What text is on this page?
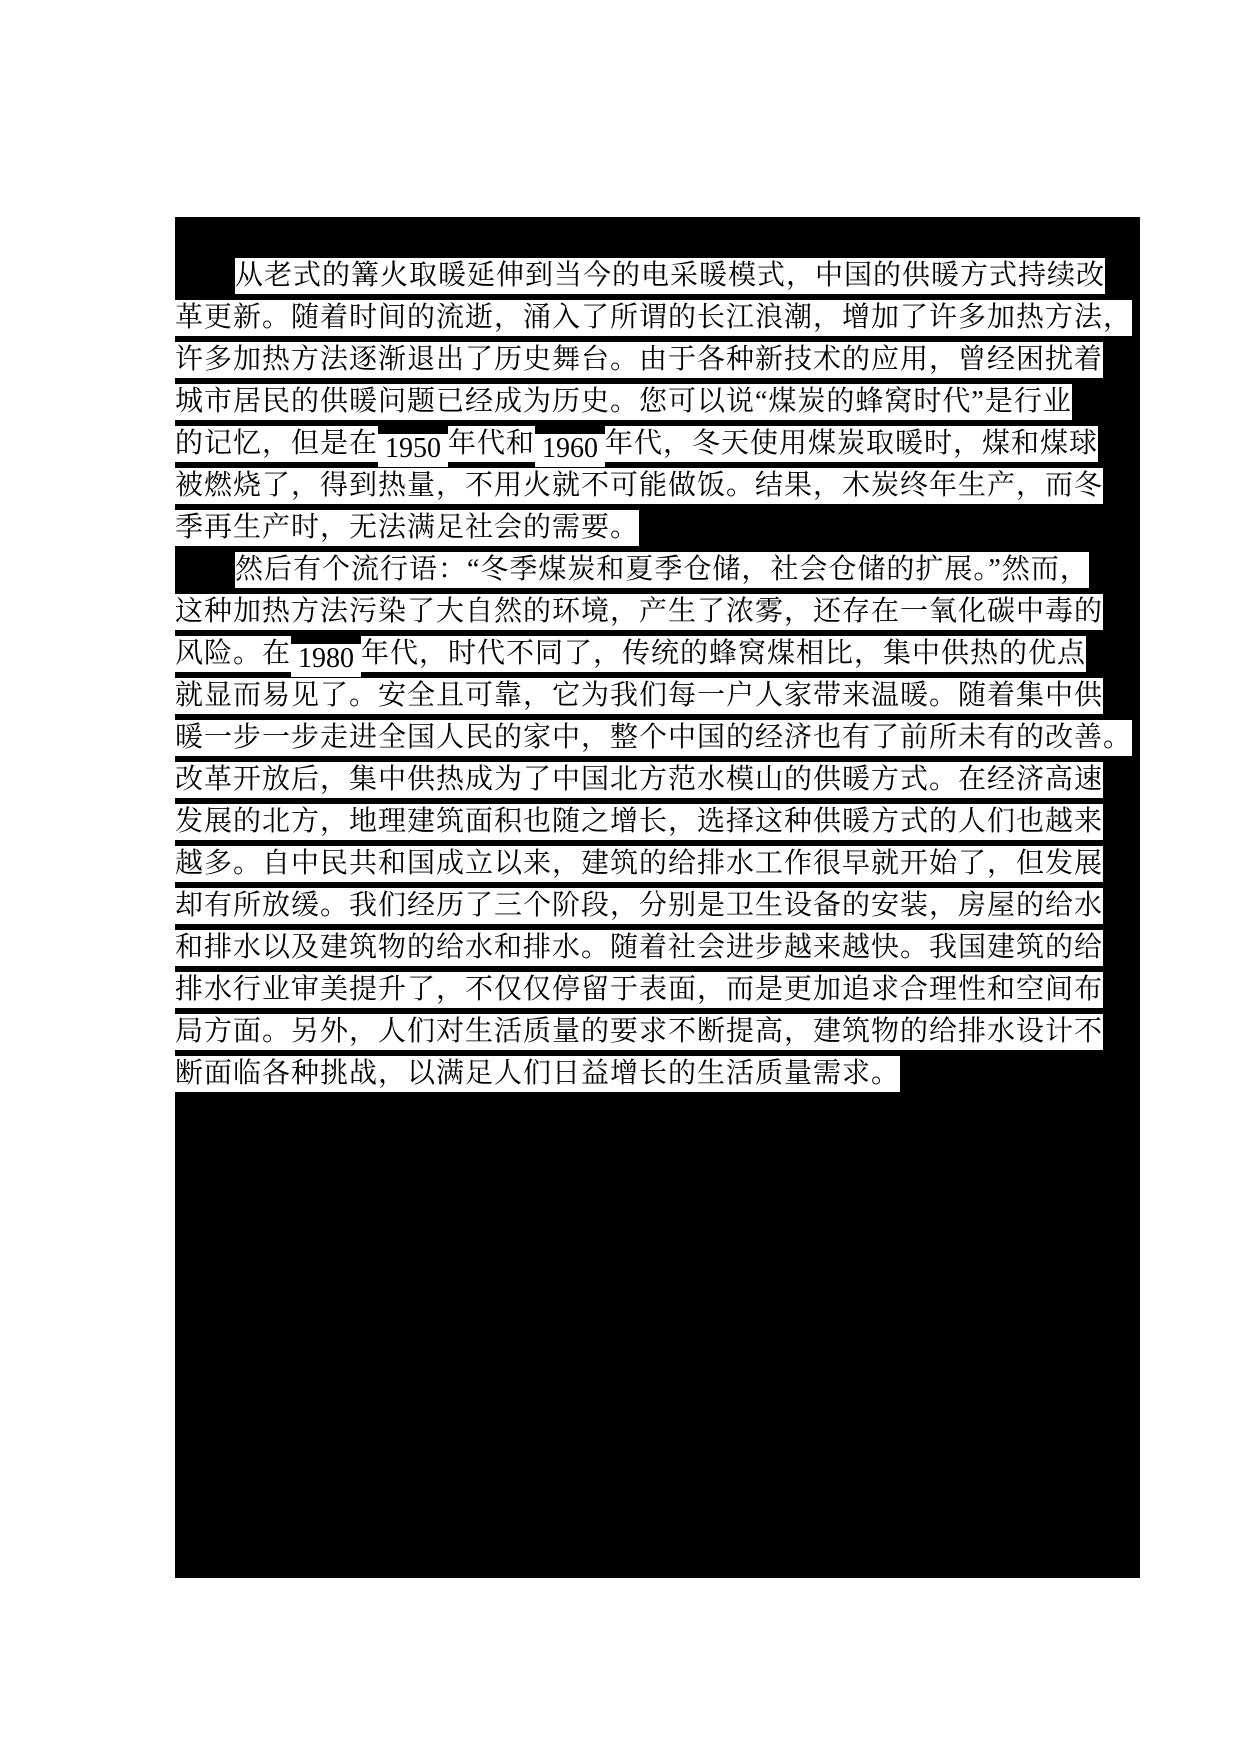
从老式的篝火取暖延伸到当今的电采暖模式，中国的供暖方式持续改
革更新。随着时间的流逝，涌入了所谓的长江浪潮，增加了许多加热方法，
许多加热方法逐渐退出了历史舞台。由于各种新技术的应用，曾经困扰着
城市居民的供暖问题已经成为历史。您可以说“煤炭的蜂窝时代”是行业
的记忆，但是在 1950 年代和 1960 年代，冬天使用煤炭取暖时，煤和煤球
被燃烧了，得到热量，不用火就不可能做饭。结果，木炭终年生产，而冬
季再生产时，无法满足社会的需要。
然后有个流行语：“冬季煤炭和夏季仓储，社会仓储的扩展。”然而，
这种加热方法污染了大自然的环境，产生了浓雾，还存在一氧化碳中毒的
风险。在 1980 年代，时代不同了，传统的蜂窝煤相比，集中供热的优点
就显而易见了。安全且可靠，它为我们每一户人家带来温暖。随着集中供
暖一步一步走进全国人民的家中，整个中国的经济也有了前所未有的改善。
改革开放后，集中供热成为了中国北方范水模山的供暖方式。在经济高速
发展的北方，地理建筑面积也随之增长，选择这种供暖方式的人们也越来
越多。自中民共和国成立以来，建筑的给排水工作很早就开始了，但发展
却有所放缓。我们经历了三个阶段，分别是卫生设备的安装，房屋的给水
和排水以及建筑物的给水和排水。随着社会进步越来越快。我国建筑的给
排水行业审美提升了，不仅仅停留于表面，而是更加追求合理性和空间布
局方面。另外，人们对生活质量的要求不断提高，建筑物的给排水设计不
断面临各种挑战，以满足人们日益增长的生活质量需求。
